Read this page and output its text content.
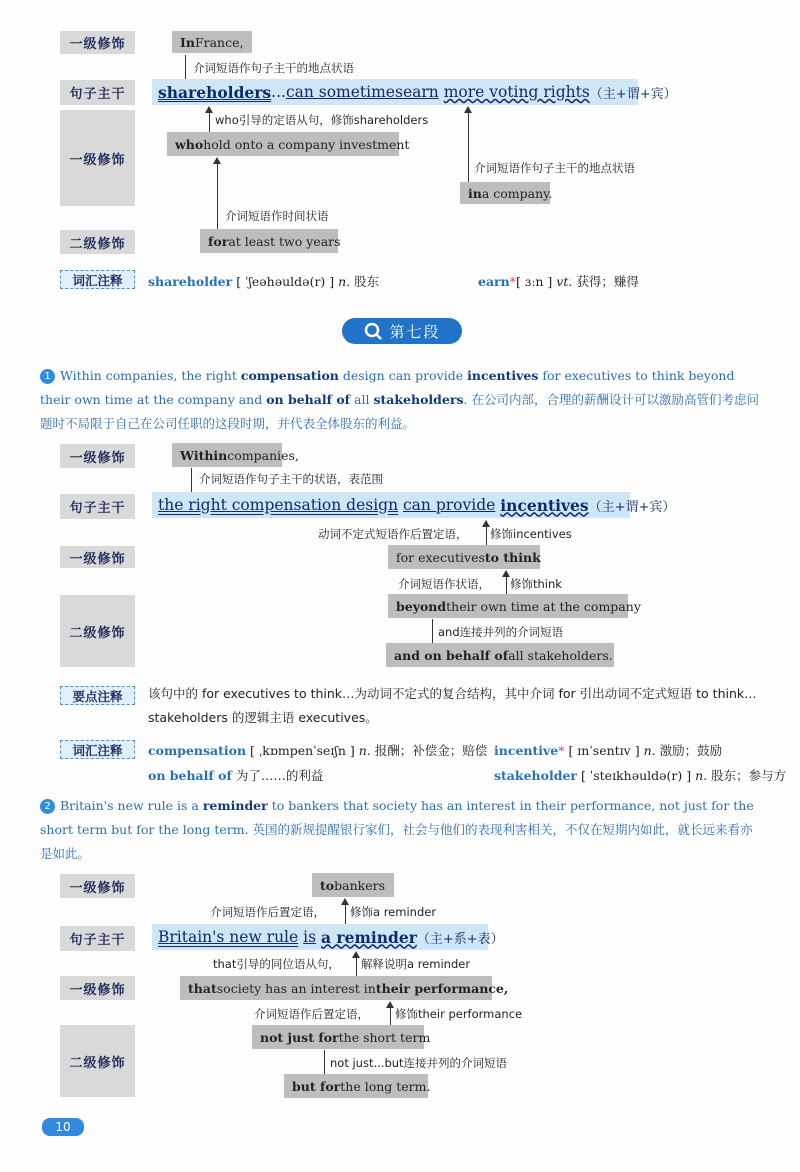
一级修饰	In France,
介词短语作句子主干的地点状语
句子主干	shareholders ... can sometimes earn
more voting rights （主+谓+宾）
who引导的定语从句，修饰shareholders
一级修饰
who hold onto a company investment
介词短语作句子主干的地点状语
in a company.
介词短语作时间状语
二级修饰	for at least two years
词汇注释	shareholder [ ˈʃeəhəuldə(r) ] n. 股东	earn*[ ɜːn ] vt. 获得；赚得
第七段
1 Within companies, the right compensation design can provide incentives for executives to think beyond their own time at the company and on behalf of all stakeholders. 在公司内部，合理的薪酬设计可以激励高管们考虑问题时不局限于自己在公司任职的这段时期，并代表全体股东的利益。
一级修饰	Within companies,
介词短语作句子主干的状语，表范围
句子主干	the right compensation design
can provide
incentives （主+谓+宾）
动词不定式短语作后置定语， 修饰incentives
一级修饰	for executives to think
介词短语作状语， 修饰think
二级修饰
beyond their own time at the company
and连接并列的介词短语
and on behalf of all stakeholders.
要点注释	该句中的 for executives to think…为动词不定式的复合结构，其中介词 for 引出动词不定式短语 to think…stakeholders 的逻辑主语 executives。
词汇注释	compensation [ ˌkɒmpenˈseɪʃn ] n. 报酬；补偿金；赔偿 incentive* [ ɪnˈsentɪv ] n. 激励；鼓励
on behalf of 为了……的利益	stakeholder [ ˈsteɪkhəuldə(r) ] n. 股东；参与方
2 Britain's new rule is a reminder to bankers that society has an interest in their performance, not just for the short term but for the long term. 英国的新规提醒银行家们，社会与他们的表现利害相关，不仅在短期内如此，就长远来看亦是如此。
一级修饰	to bankers
介词短语作后置定语， 修饰a reminder
句子主干	Britain's new rule
is
a reminder （主+系+表）
that引导的同位语从句， 解释说明a reminder
一级修饰	that society has an interest in their performance,
介词短语作后置定语， 修饰their performance
二级修饰
not just for the short term
not just...but连接并列的介词短语
but for the long term.
10
